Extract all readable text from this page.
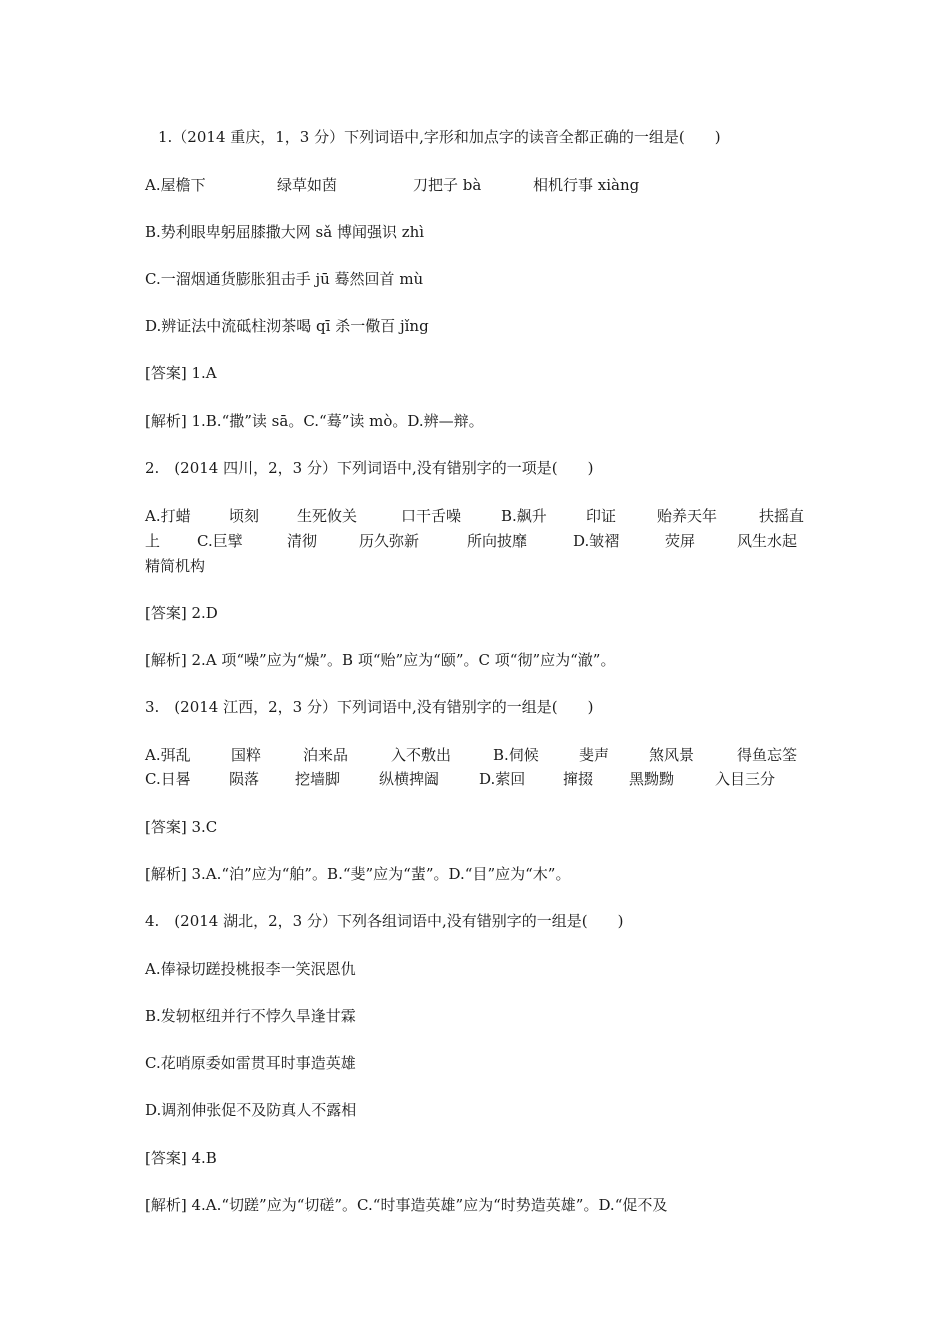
1.（2014 重庆，1，3 分）下列词语中,字形和加点字的读音全都正确的一组是(　　)
A.屋檐下	绿草如茵	刀把子 bà	相机行事 xiàng
B.势利眼卑躬屈膝撒大网 sǎ 博闻强识 zhì
C.一溜烟通货膨胀狙击手 jū 蓦然回首 mù
D.辨证法中流砥柱沏茶喝 qī 杀一儆百 jǐng
[答案] 1.A
[解析] 1.B.“撒”读 sā。C.“蓦”读 mò。D.辨—辩。
2.　(2014 四川，2，3 分）下列词语中,没有错别字的一项是(　　)
A.打蜡	顷刻	生死攸关	口干舌噪	B.飙升	印证	贻养天年	扶摇直
上 C.巨擘	清彻	历久弥新	所向披靡	D.皱褶	荧屏	风生水起
精简机构
[答案] 2.D
[解析] 2.A 项“噪”应为“燥”。B 项“贻”应为“颐”。C 项“彻”应为“澈”。
3.　(2014 江西，2，3 分）下列词语中,没有错别字的一组是(　　)
A.弭乱	国粹	泊来品	入不敷出	B.伺候	斐声	煞风景	得鱼忘筌
C.日晷	陨落 挖墙脚	纵横捭阖	D.萦回	撺掇 黑黝黝	入目三分
[答案] 3.C
[解析] 3.A.“泊”应为“舶”。B.“斐”应为“蜚”。D.“目”应为“木”。
4.　(2014 湖北，2，3 分）下列各组词语中,没有错别字的一组是(　　)
A.俸禄切蹉投桃报李一笑泯恩仇
B.发轫枢纽并行不悖久旱逢甘霖
C.花哨原委如雷贯耳时事造英雄
D.调剂伸张促不及防真人不露相
[答案] 4.B
[解析] 4.A.“切蹉”应为“切磋”。C.“时事造英雄”应为“时势造英雄”。D.“促不及
